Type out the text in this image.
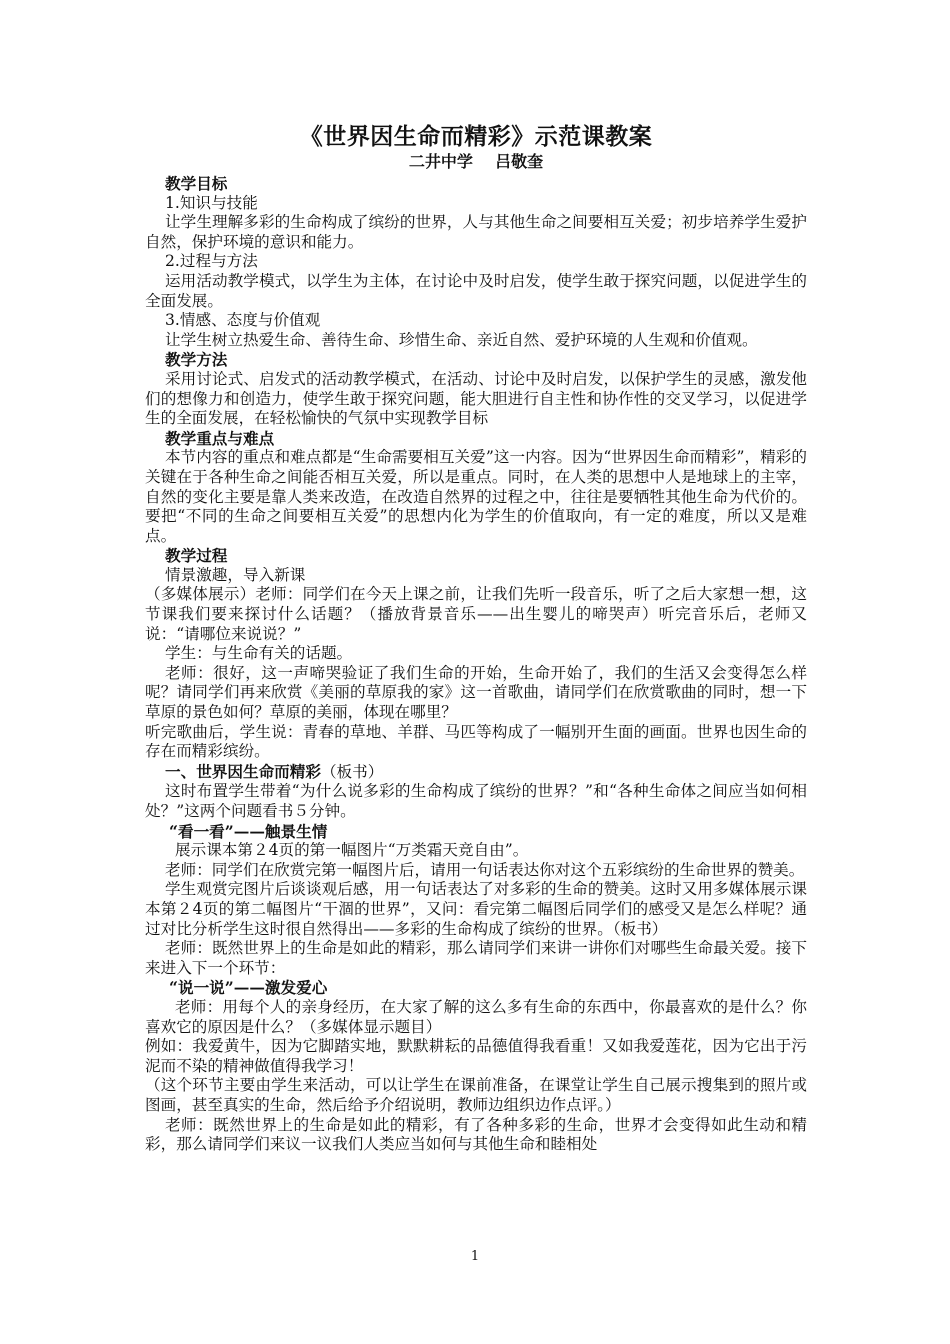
《世界因生命而精彩》示范课教案
二井中学    吕敬奎

教学目标

1.知识与技能

让学生理解多彩的生命构成了缤纷的世界，人与其他生命之间要相互关爱；初步培养学生爱护自然，保护环境的意识和能力。

2.过程与方法

运用活动教学模式，以学生为主体，在讨论中及时启发，使学生敢于探究问题，以促进学生的全面发展。

3.情感、态度与价值观

让学生树立热爱生命、善待生命、珍惜生命、亲近自然、爱护环境的人生观和价值观。

教学方法

采用讨论式、启发式的活动教学模式，在活动、讨论中及时启发，以保护学生的灵感，激发他们的想像力和创造力，使学生敢于探究问题，能大胆进行自主性和协作性的交叉学习，以促进学生的全面发展，在轻松愉快的气氛中实现教学目标

教学重点与难点

本节内容的重点和难点都是“生命需要相互关爱”这一内容。因为“世界因生命而精彩”，精彩的关键在于各种生命之间能否相互关爱，所以是重点。同时，在人类的思想中人是地球上的主宰，自然的变化主要是靠人类来改造，在改造自然界的过程之中，往往是要牺牲其他生命为代价的。要把“不同的生命之间要相互关爱”的思想内化为学生的价值取向，有一定的难度，所以又是难点。

教学过程

情景激趣，导入新课

（多媒体展示）老师：同学们在今天上课之前，让我们先听一段音乐，听了之后大家想一想，这节课我们要来探讨什么话题？（播放背景音乐——出生婴儿的啼哭声）听完音乐后，老师又说：“请哪位来说说？”

学生：与生命有关的话题。

老师：很好，这一声啼哭验证了我们生命的开始，生命开始了，我们的生活又会变得怎么样呢？请同学们再来欣赏《美丽的草原我的家》这一首歌曲，请同学们在欣赏歌曲的同时，想一下草原的景色如何？草原的美丽，体现在哪里？

听完歌曲后，学生说：青春的草地、羊群、马匹等构成了一幅别开生面的画面。世界也因生命的存在而精彩缤纷。

一、世界因生命而精彩（板书）

这时布置学生带着“为什么说多彩的生命构成了缤纷的世界？”和“各种生命体之间应当如何相处？”这两个问题看书５分钟。

“看一看”——触景生情

展示课本第２4页的第一幅图片“万类霜天竞自由”。

老师：同学们在欣赏完第一幅图片后，请用一句话表达你对这个五彩缤纷的生命世界的赞美。

学生观赏完图片后谈谈观后感，用一句话表达了对多彩的生命的赞美。这时又用多媒体展示课本第２4页的第二幅图片“干涸的世界”，又问：看完第二幅图后同学们的感受又是怎么样呢？通过对比分析学生这时很自然得出——多彩的生命构成了缤纷的世界。（板书）

老师：既然世界上的生命是如此的精彩，那么请同学们来讲一讲你们对哪些生命最关爱。接下来进入下一个环节：

“说一说”——激发爱心

老师：用每个人的亲身经历，在大家了解的这么多有生命的东西中，你最喜欢的是什么？你喜欢它的原因是什么？（多媒体显示题目）

例如：我爱黄牛，因为它脚踏实地，默默耕耘的品德值得我看重！又如我爱莲花，因为它出于污泥而不染的精神做值得我学习！

（这个环节主要由学生来活动，可以让学生在课前准备，在课堂让学生自己展示搜集到的照片或图画，甚至真实的生命，然后给予介绍说明，教师边组织边作点评。）

老师：既然世界上的生命是如此的精彩，有了各种多彩的生命，世界才会变得如此生动和精彩，那么请同学们来议一议我们人类应当如何与其他生命和睦相处

1
